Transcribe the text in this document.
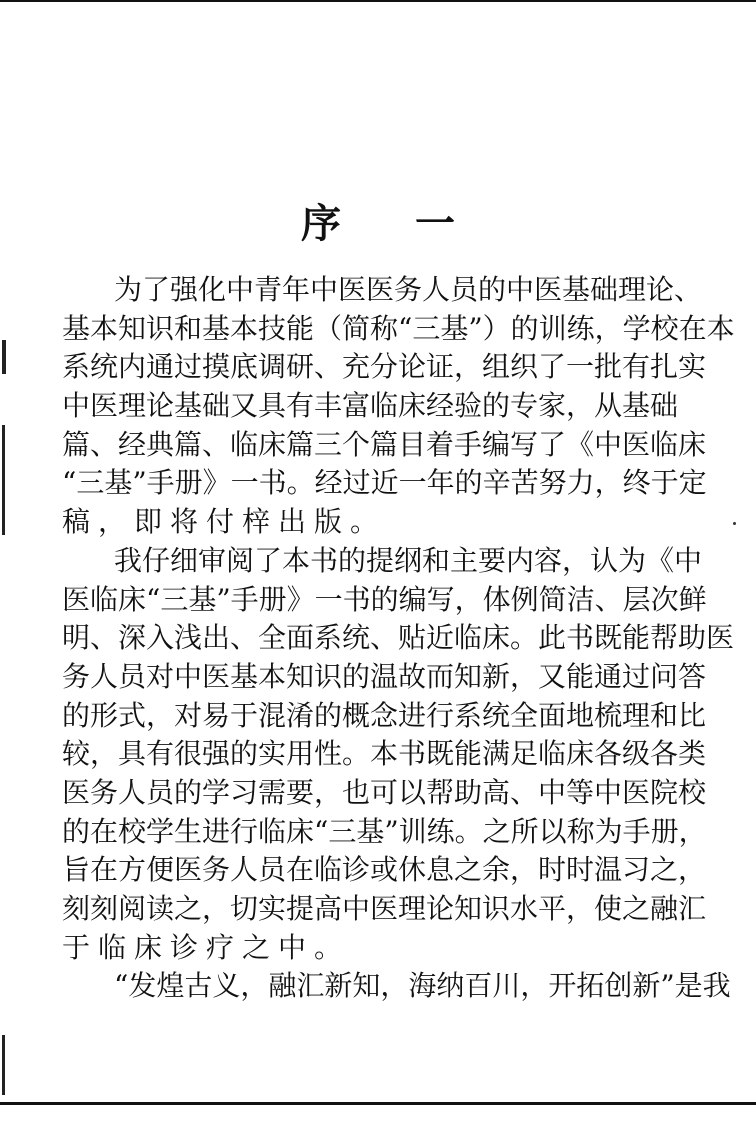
序 一
为了强化中青年中医医务人员的中医基础理论、
基本知识和基本技能（简称“三基”）的训练，学校在本
系统内通过摸底调研、充分论证，组织了一批有扎实
中医理论基础又具有丰富临床经验的专家，从基础
篇、经典篇、临床篇三个篇目着手编写了《中医临床
“三基”手册》一书。经过近一年的辛苦努力，终于定
稿，即将付梓出版。
我仔细审阅了本书的提纲和主要内容，认为《中
医临床“三基”手册》一书的编写，体例简洁、层次鲜
明、深入浅出、全面系统、贴近临床。此书既能帮助医
务人员对中医基本知识的温故而知新，又能通过问答
的形式，对易于混淆的概念进行系统全面地梳理和比
较，具有很强的实用性。本书既能满足临床各级各类
医务人员的学习需要，也可以帮助高、中等中医院校
的在校学生进行临床“三基”训练。之所以称为手册，
旨在方便医务人员在临诊或休息之余，时时温习之，
刻刻阅读之，切实提高中医理论知识水平，使之融汇
于临床诊疗之中。
“发煌古义，融汇新知，海纳百川，开拓创新”是我
